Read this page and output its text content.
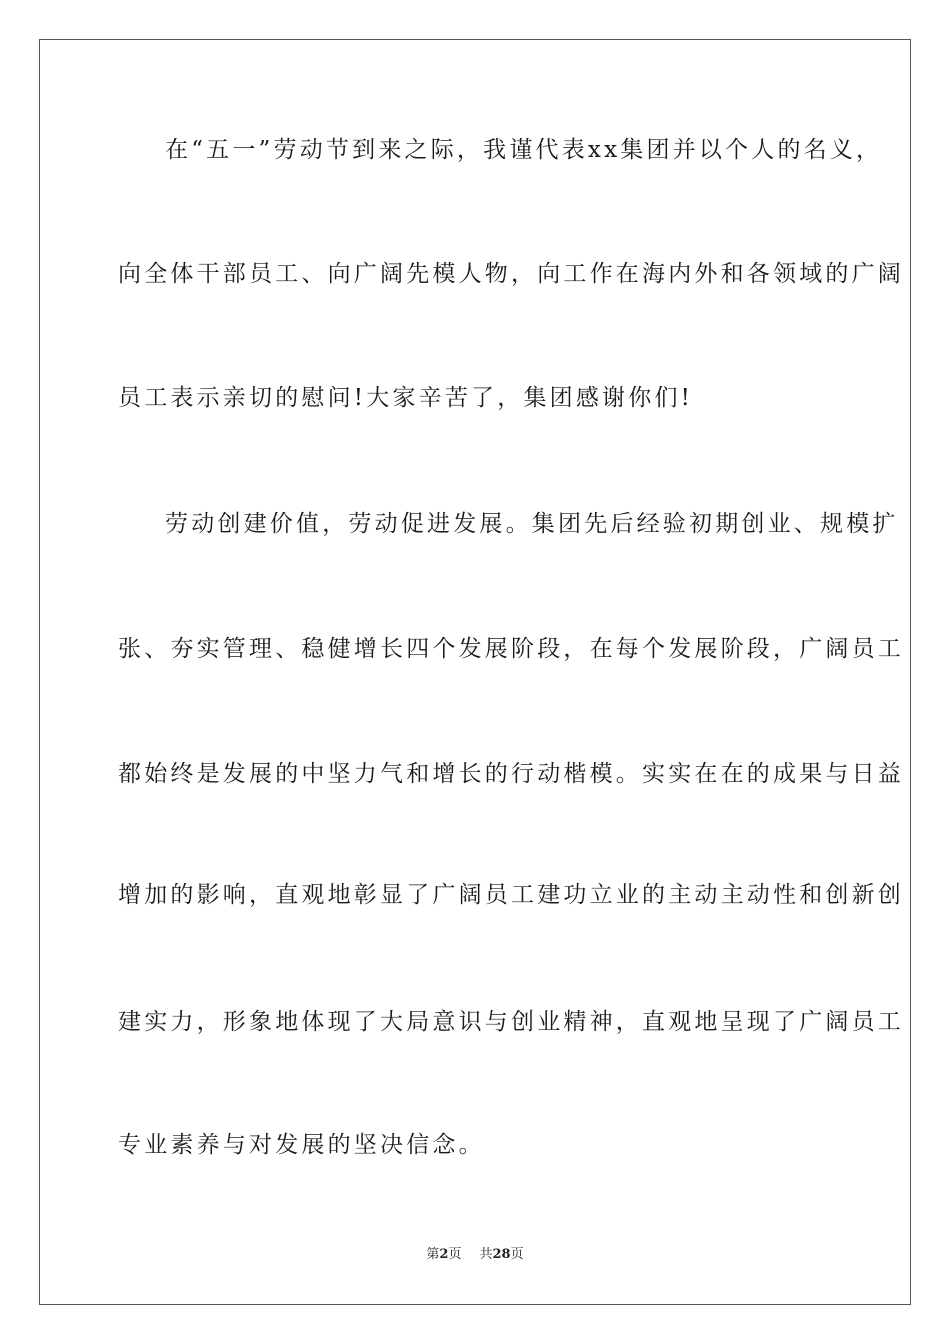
在“五一”劳动节到来之际，我谨代表xx集团并以个人的名义，
向全体干部员工、向广阔先模人物，向工作在海内外和各领域的广阔
员工表示亲切的慰问!大家辛苦了，集团感谢你们!
劳动创建价值，劳动促进发展。集团先后经验初期创业、规模扩
张、夯实管理、稳健增长四个发展阶段，在每个发展阶段，广阔员工
都始终是发展的中坚力气和增长的行动楷模。实实在在的成果与日益
增加的影响，直观地彰显了广阔员工建功立业的主动主动性和创新创
建实力，形象地体现了大局意识与创业精神，直观地呈现了广阔员工
专业素养与对发展的坚决信念。
第2页 共28页
